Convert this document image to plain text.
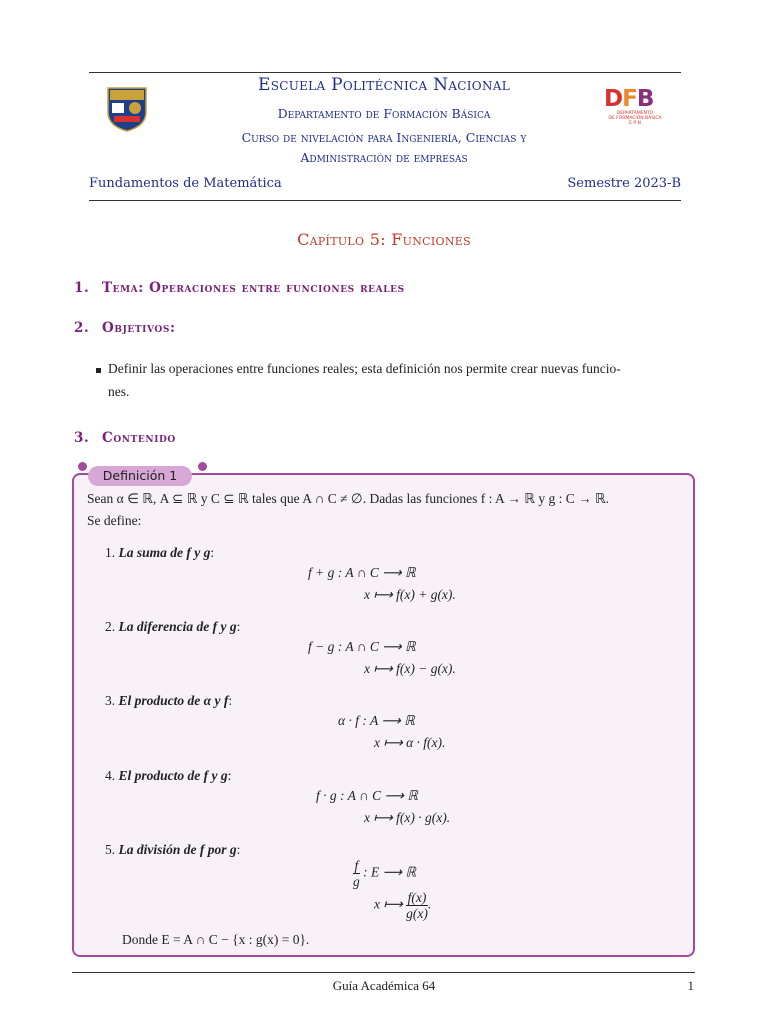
Escuela Politécnica Nacional
Departamento de Formación Básica
Curso de nivelación para Ingeniería, Ciencias y
Administración de empresas
DFB
DEPARTAMENTO
DE FORMACIÓN BÁSICA
E P N
Fundamentos de Matemática	Semestre 2023-B
Capítulo 5: Funciones
1. Tema: Operaciones entre funciones reales
2. Objetivos:
Definir las operaciones entre funciones reales; esta definición nos permite crear nuevas funcio-
nes.
3. Contenido
Definición 1
Sean α ∈ ℝ, A ⊆ ℝ y C ⊆ ℝ tales que A ∩ C ≠ ∅. Dadas las funciones f : A → ℝ y g : C → ℝ.
Se define:
1. La suma de f y g:
f + g : A ∩ C ⟶ ℝ
x ⟼ f(x) + g(x).
2. La diferencia de f y g:
f − g : A ∩ C ⟶ ℝ
x ⟼ f(x) − g(x).
3. El producto de α y f:
α · f : A ⟶ ℝ
x ⟼ α · f(x).
4. El producto de f y g:
f · g : A ∩ C ⟶ ℝ
x ⟼ f(x) · g(x).
5. La división de f por g:
$\frac{f}{g}$ : E ⟶ ℝ
x ⟼ $\frac{f(x)}{g(x)}$ .
Donde E = A ∩ C − {x : g(x) = 0}.
Guía Académica 64	1
